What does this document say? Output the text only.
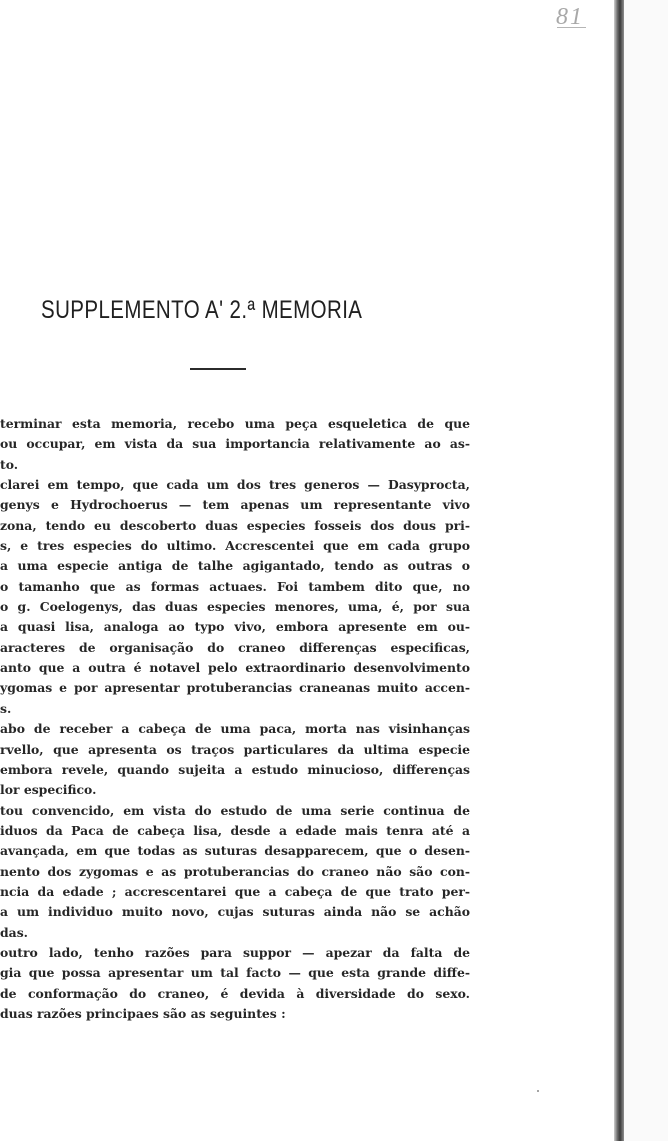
81
SUPPLEMENTO A' 2.ª MEMORIA
terminar esta memoria, recebo uma peça esqueletica de que
ou occupar, em vista da sua importancia relativamente ao as-
to.
clarei em tempo, que cada um dos tres generos — Dasyprocta,
genys e Hydrochoerus — tem apenas um representante vivo
zona, tendo eu descoberto duas especies fosseis dos dous pri-
s, e tres especies do ultimo. Accrescentei que em cada grupo
a uma especie antiga de talhe agigantado, tendo as outras o
o tamanho que as formas actuaes. Foi tambem dito que, no
o g. Coelogenys, das duas especies menores, uma, é, por sua
a quasi lisa, analoga ao typo vivo, embora apresente em ou-
aracteres de organisação do craneo differenças especificas,
anto que a outra é notavel pelo extraordinario desenvolvimento
ygomas e por apresentar protuberancias craneanas muito accen-
s.
abo de receber a cabeça de uma paca, morta nas visinhanças
rvello, que apresenta os traços particulares da ultima especie
embora revele, quando sujeita a estudo minucioso, differenças
lor especifico.
tou convencido, em vista do estudo de uma serie continua de
iduos da Paca de cabeça lisa, desde a edade mais tenra até a
avançada, em que todas as suturas desapparecem, que o desen-
nento dos zygomas e as protuberancias do craneo não são con-
ncia da edade ; accrescentarei que a cabeça de que trato per-
a um individuo muito novo, cujas suturas ainda não se achão
das.
outro lado, tenho razões para suppor — apezar da falta de
gia que possa apresentar um tal facto — que esta grande diffe-
de conformação do craneo, é devida à diversidade do sexo.
duas razões principaes são as seguintes :
